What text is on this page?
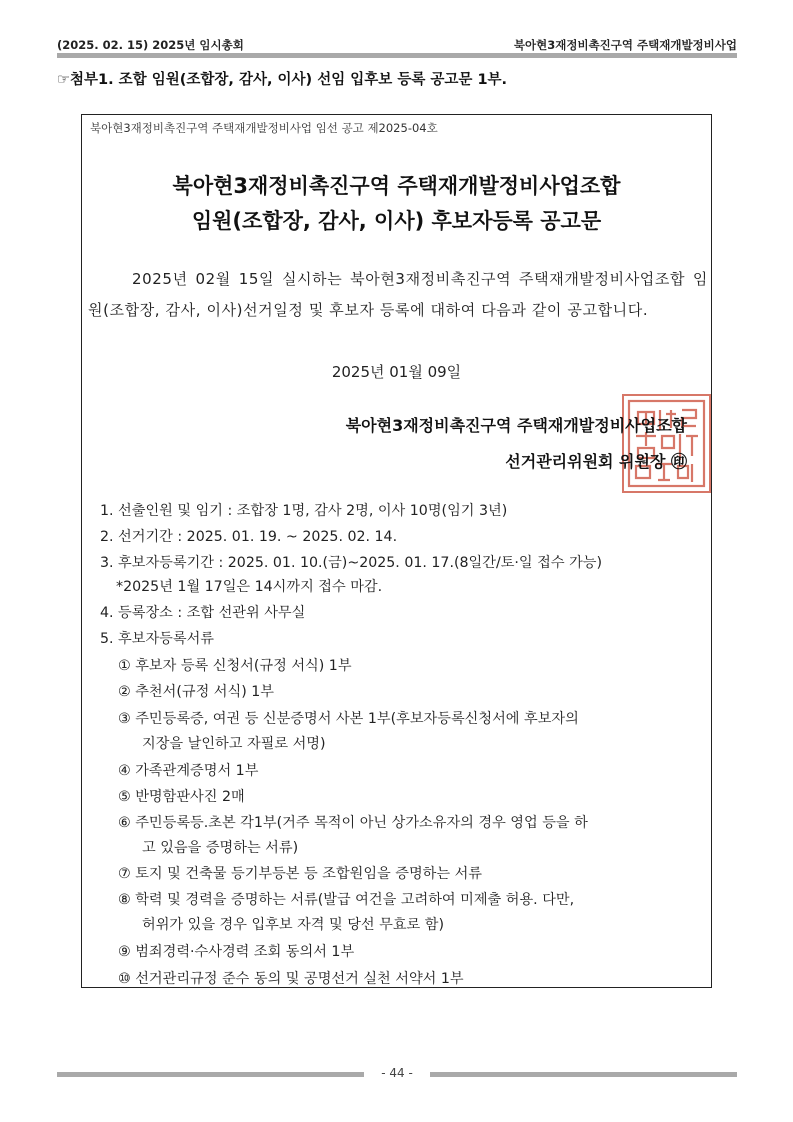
(2025. 02. 15) 2025년 임시총회	북아현3재정비촉진구역 주택재개발정비사업
☞첨부1. 조합 임원(조합장, 감사, 이사) 선임 입후보 등록 공고문 1부.
북아현3재정비촉진구역 주택재개발정비사업 임선 공고 제2025-04호
북아현3재정비촉진구역 주택재개발정비사업조합
임원(조합장, 감사, 이사) 후보자등록 공고문
2025년 02월 15일 실시하는 북아현3재정비촉진구역 주택재개발정비사업조합 임원(조합장, 감사, 이사)선거일정 및 후보자 등록에 대하여 다음과 같이 공고합니다.
2025년 01월 09일
북아현3재정비촉진구역 주택재개발정비사업조합
선거관리위원회 위원장 ㊞
1. 선출인원 및 임기 : 조합장 1명, 감사 2명, 이사 10명(임기 3년)
2. 선거기간 : 2025. 01. 19. ~ 2025. 02. 14.
3. 후보자등록기간 : 2025. 01. 10.(금)~2025. 01. 17.(8일간/토·일 접수 가능)
*2025년 1월 17일은 14시까지 접수 마감.
4. 등록장소 : 조합 선관위 사무실
5. 후보자등록서류
① 후보자 등록 신청서(규정 서식) 1부
② 추천서(규정 서식) 1부
③ 주민등록증, 여권 등 신분증명서 사본 1부(후보자등록신청서에 후보자의
지장을 날인하고 자필로 서명)
④ 가족관계증명서 1부
⑤ 반명함판사진 2매
⑥ 주민등록등.초본 각1부(거주 목적이 아닌 상가소유자의 경우 영업 등을 하
고 있음을 증명하는 서류)
⑦ 토지 및 건축물 등기부등본 등 조합원임을 증명하는 서류
⑧ 학력 및 경력을 증명하는 서류(발급 여건을 고려하여 미제출 허용. 다만,
허위가 있을 경우 입후보 자격 및 당선 무효로 함)
⑨ 범죄경력·수사경력 조회 동의서 1부
⑩ 선거관리규정 준수 동의 및 공명선거 실천 서약서 1부
- 44 -
